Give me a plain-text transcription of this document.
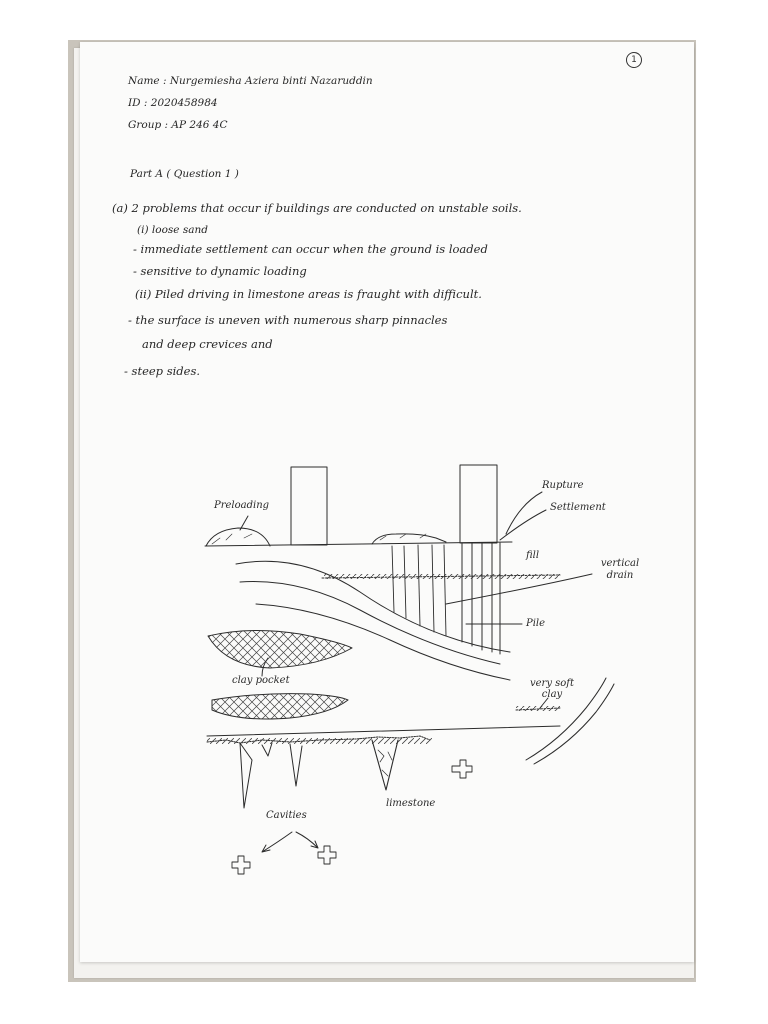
1
Name : Nurgemiesha Aziera binti Nazaruddin
ID : 2020458984
Group : AP 246 4C
Part A ( Question 1 )
(a) 2 problems that occur if buildings are conducted on unstable soils.
(i) loose sand
- immediate settlement can occur when the ground is loaded
- sensitive to dynamic loading
(ii) Piled driving in limestone areas is fraught with difficult.
- the surface is uneven with numerous sharp pinnacles
and deep crevices and
- steep sides.
Preloading
Rupture
Settlement
fill
vertical drain
Pile
clay pocket	very soft clay
limestone
Cavities
